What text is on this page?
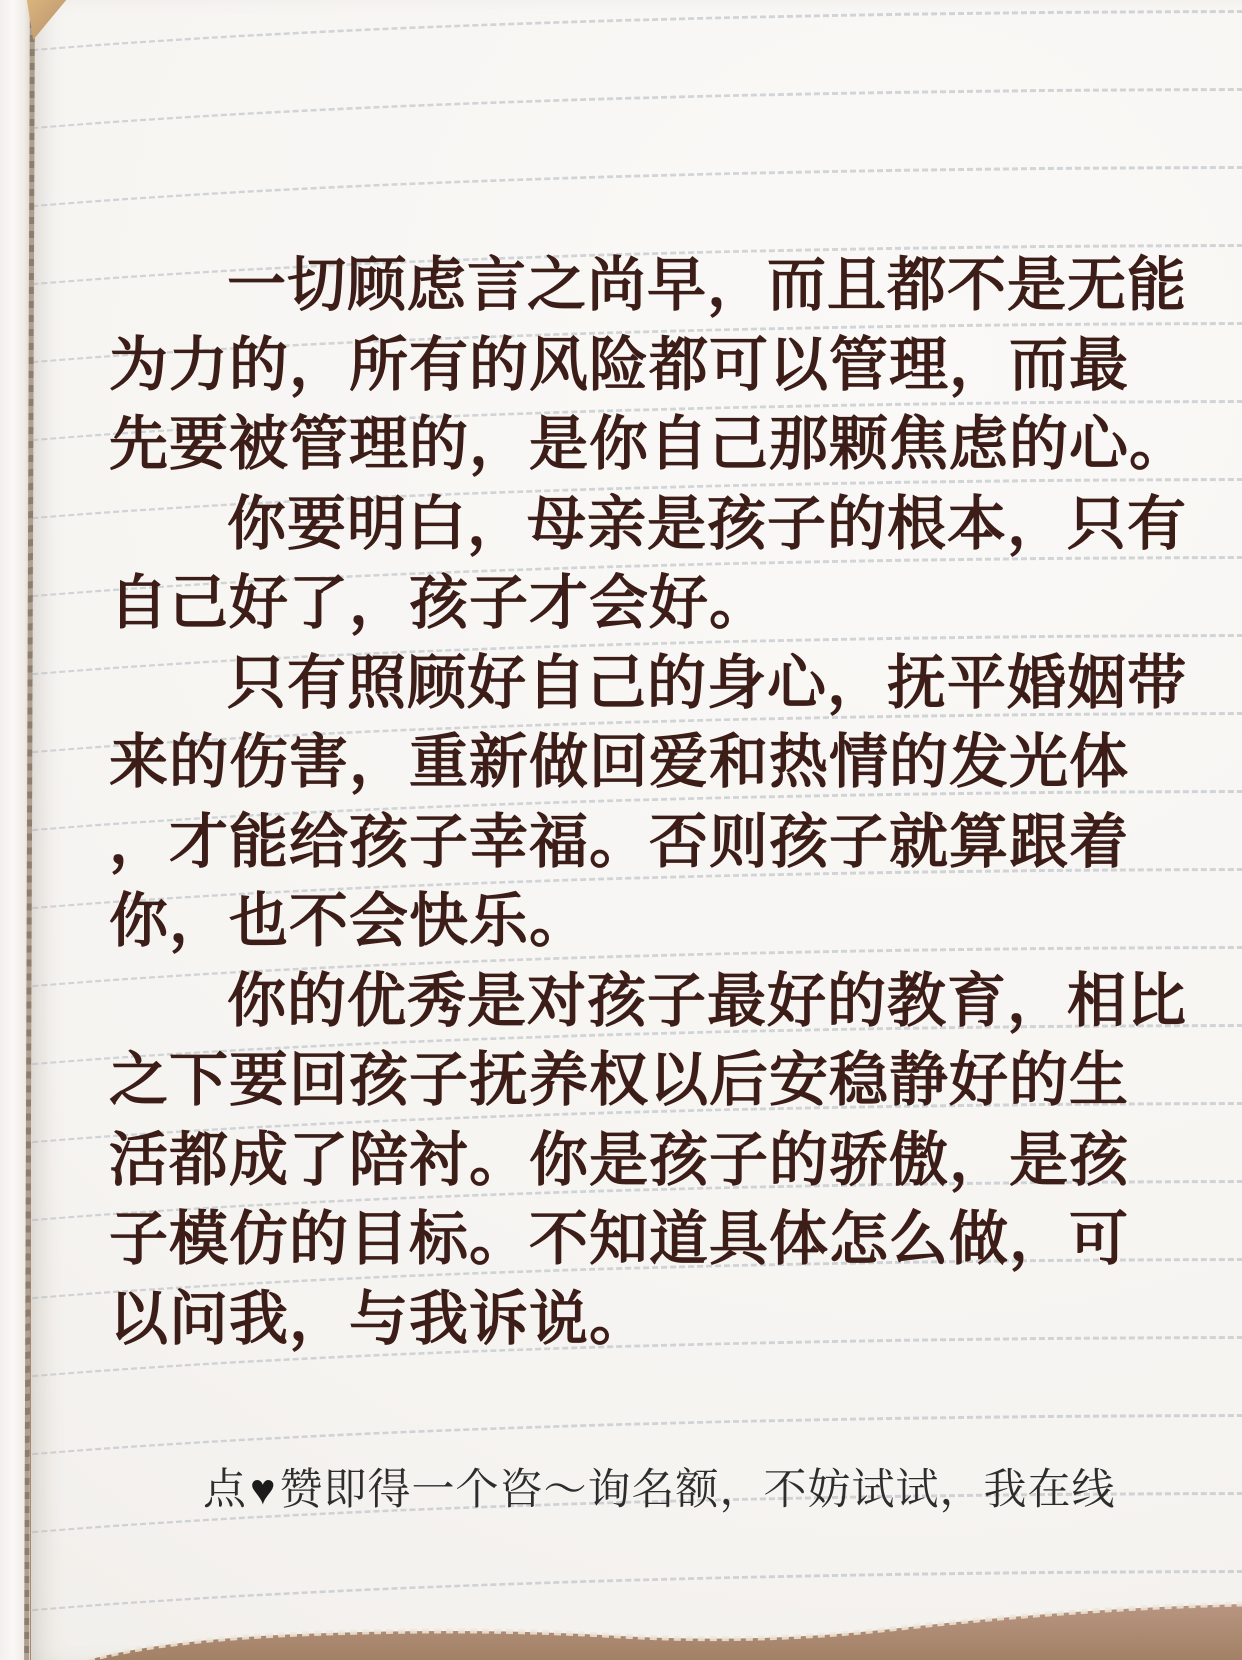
一切顾虑言之尚早，而且都不是无能
为力的，所有的风险都可以管理，而最
先要被管理的，是你自己那颗焦虑的心。
你要明白，母亲是孩子的根本，只有
自己好了，孩子才会好。
只有照顾好自己的身心，抚平婚姻带
来的伤害，重新做回爱和热情的发光体
，才能给孩子幸福。否则孩子就算跟着
你，也不会快乐。
你的优秀是对孩子最好的教育，相比
之下要回孩子抚养权以后安稳静好的生
活都成了陪衬。你是孩子的骄傲，是孩
子模仿的目标。不知道具体怎么做，可
以问我，与我诉说。
点♥赞即得一个咨～询名额，不妨试试，我在线
